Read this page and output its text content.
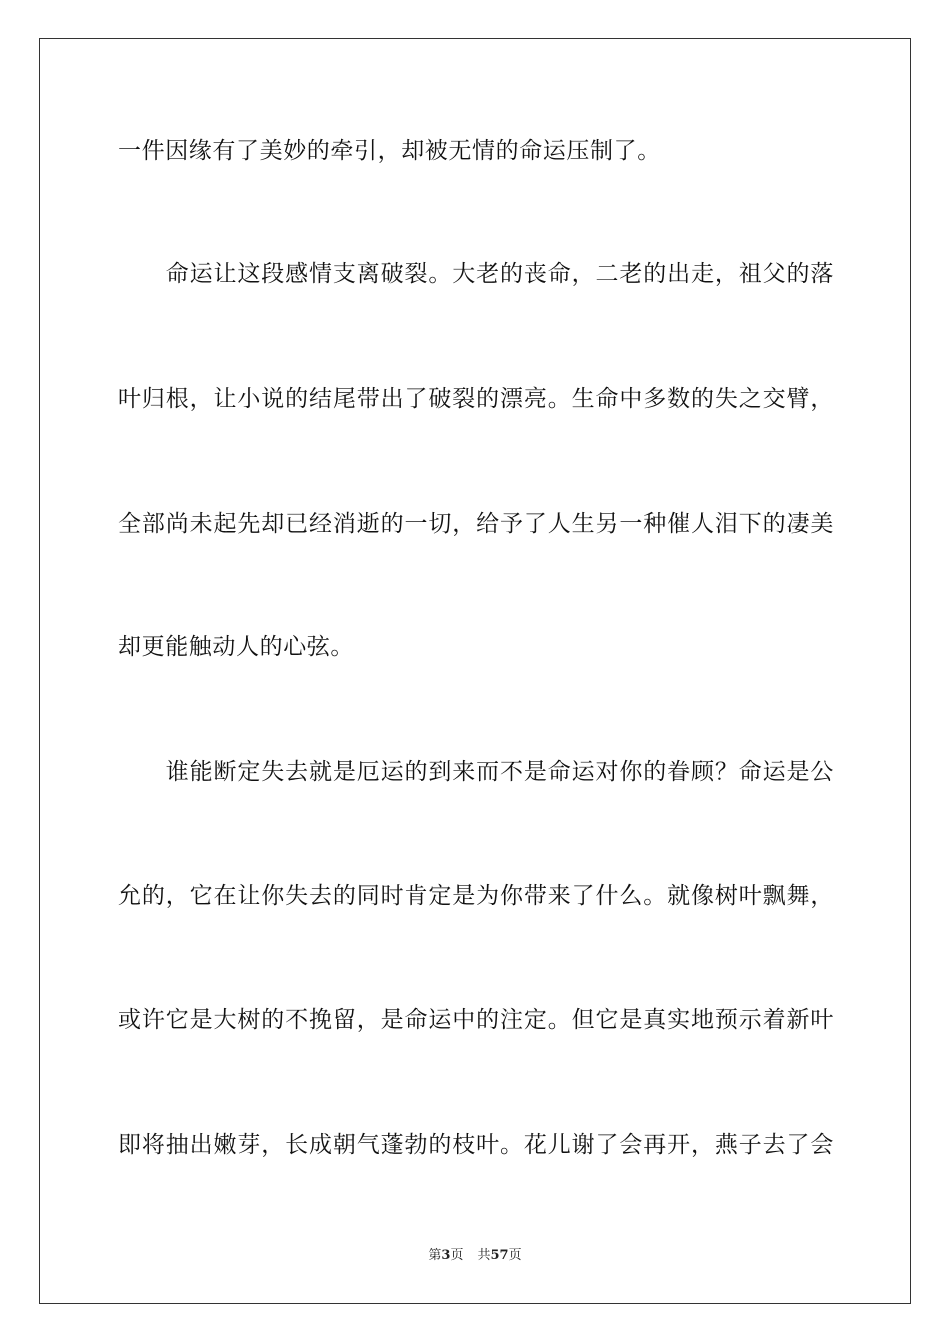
一件因缘有了美妙的牵引，却被无情的命运压制了。
　　命运让这段感情支离破裂。大老的丧命，二老的出走，祖父的落
叶归根，让小说的结尾带出了破裂的漂亮。生命中多数的失之交臂，
全部尚未起先却已经消逝的一切，给予了人生另一种催人泪下的凄美
却更能触动人的心弦。
　　谁能断定失去就是厄运的到来而不是命运对你的眷顾？命运是公
允的，它在让你失去的同时肯定是为你带来了什么。就像树叶飘舞，
或许它是大树的不挽留，是命运中的注定。但它是真实地预示着新叶
即将抽出嫩芽，长成朝气蓬勃的枝叶。花儿谢了会再开，燕子去了会
第3页 共57页
